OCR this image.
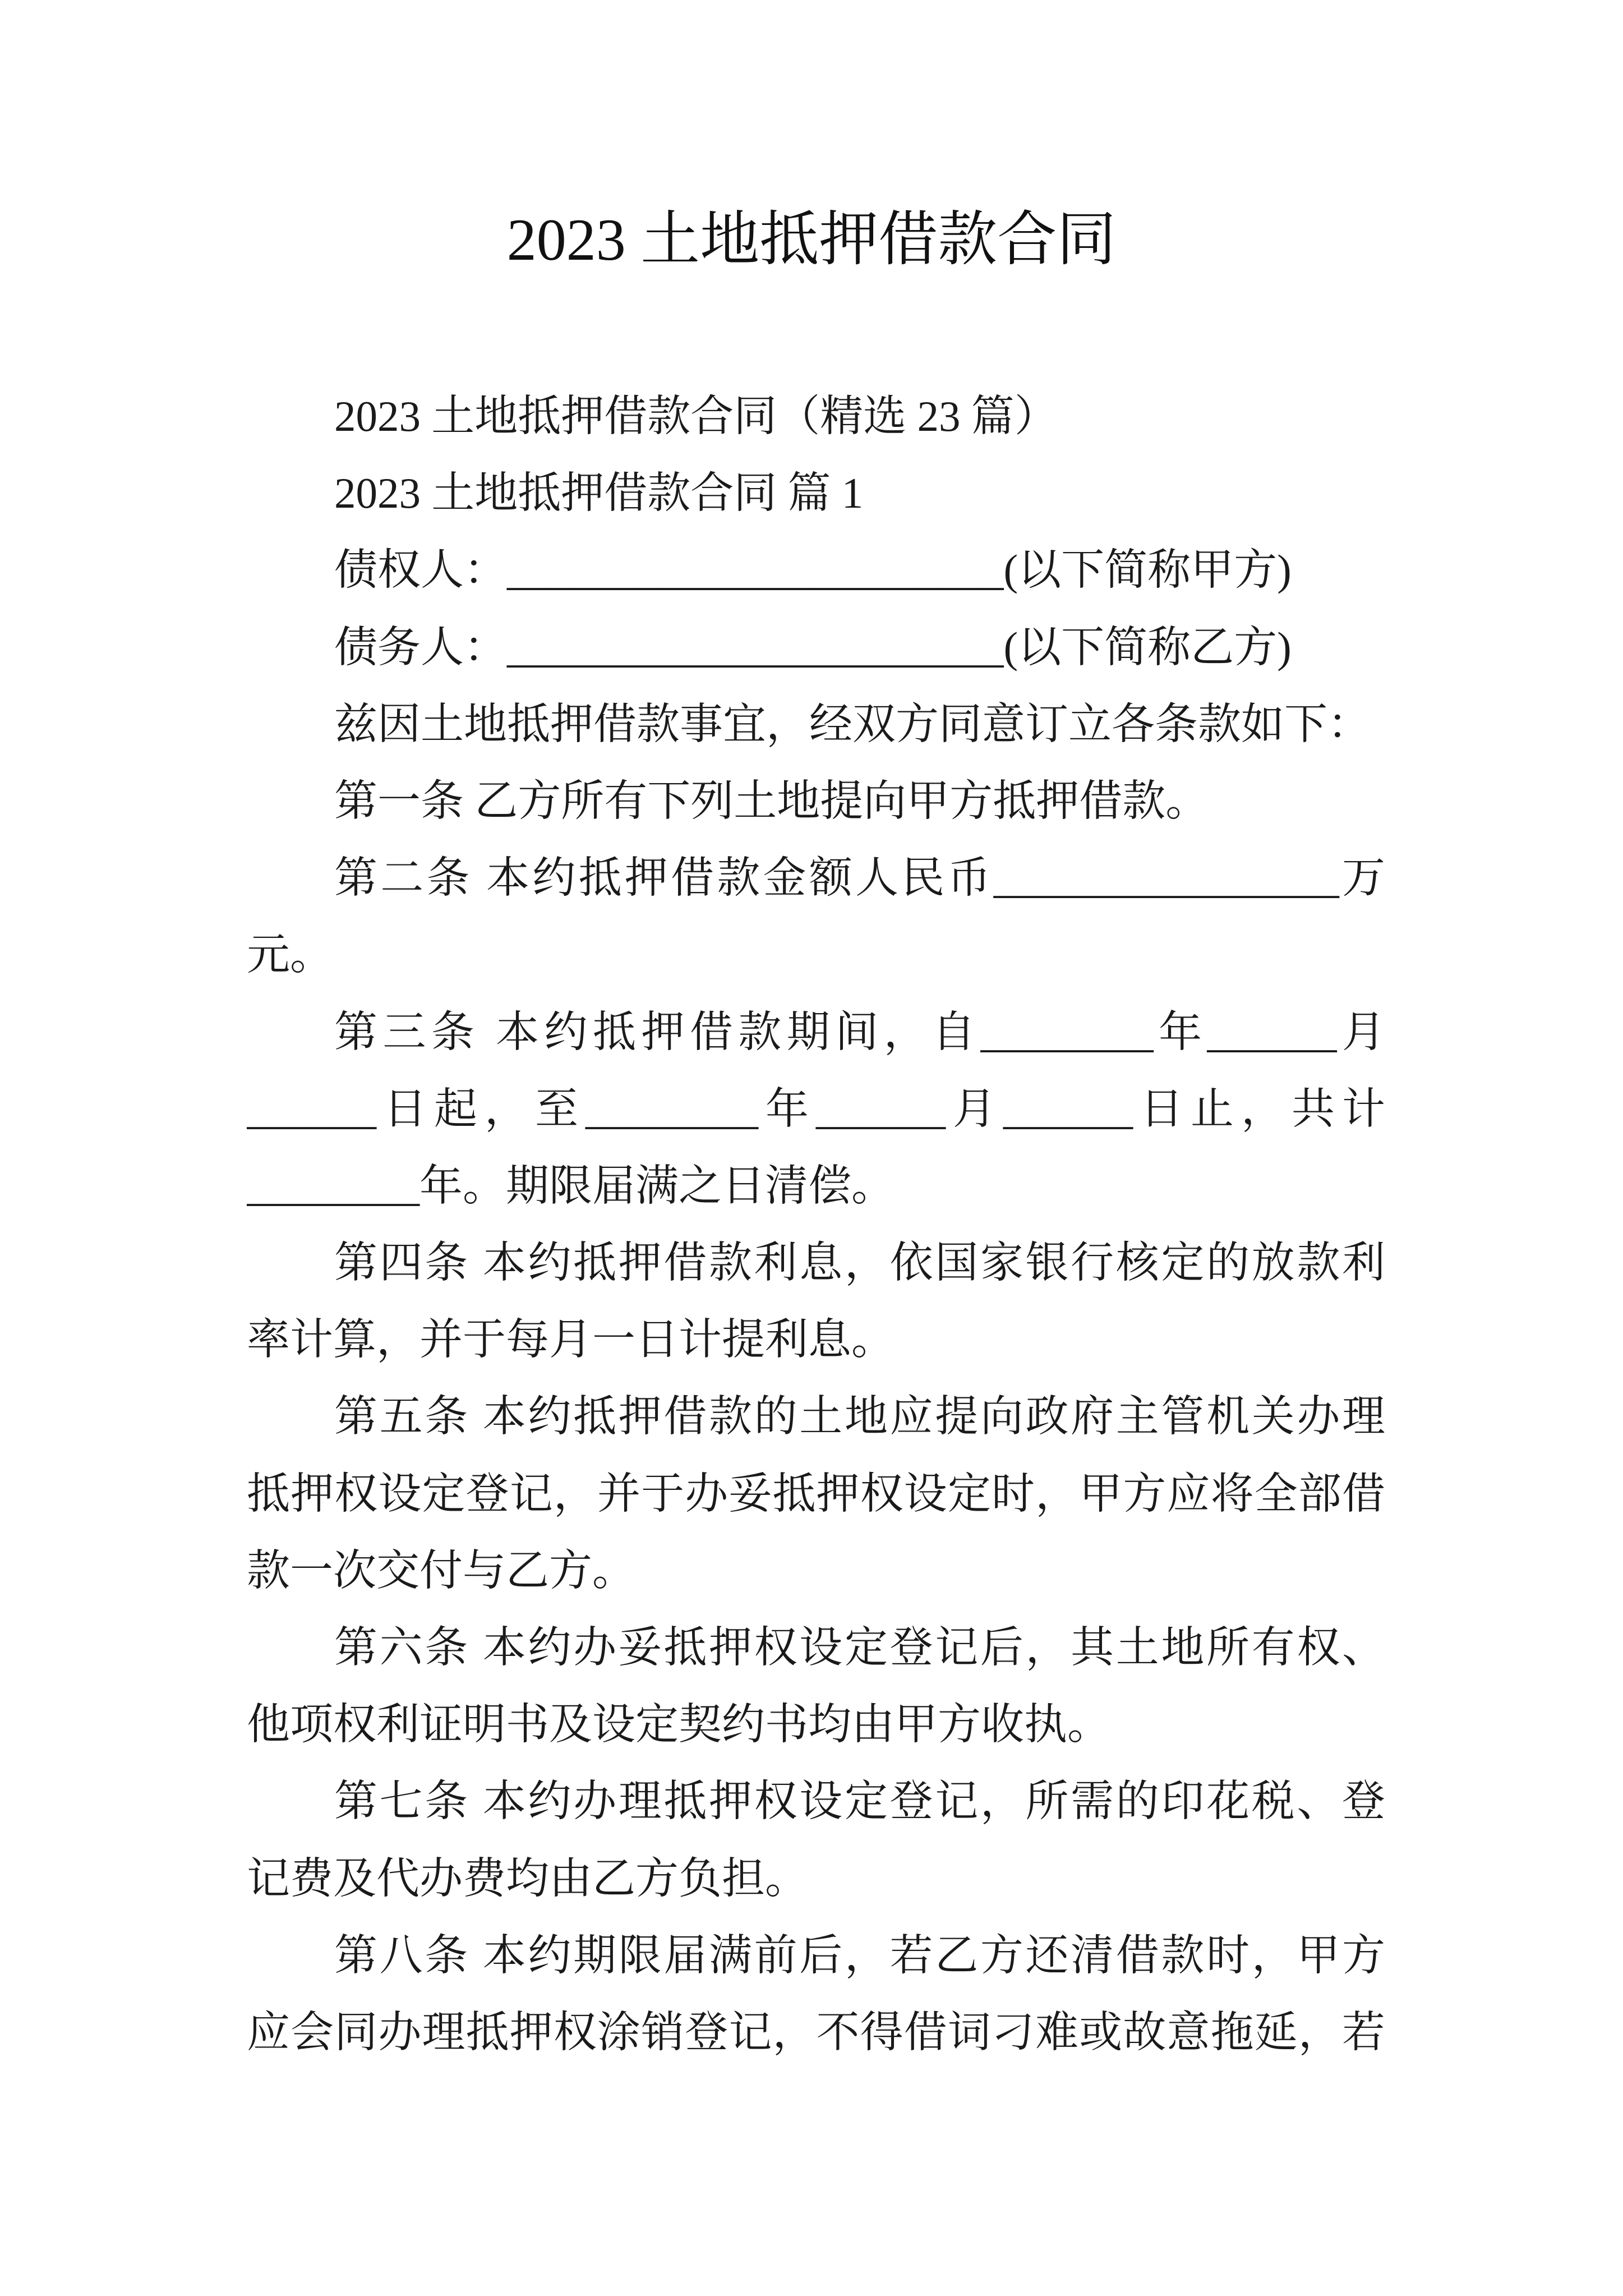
2023 土地抵押借款合同
2023 土地抵押借款合同（精选 23 篇）
2023 土地抵押借款合同 篇 1
债权人：_______________________(以下简称甲方)
债务人：_______________________(以下简称乙方)
兹因土地抵押借款事宜，经双方同意订立各条款如下：
第一条 乙方所有下列土地提向甲方抵押借款。
第二条 本约抵押借款金额人民币________________万
元。
第三条 本约抵押借款期间，自________年______月
______日起，至________年______月______日止，共计
________年。期限届满之日清偿。
第四条 本约抵押借款利息，依国家银行核定的放款利
率计算，并于每月一日计提利息。
第五条 本约抵押借款的土地应提向政府主管机关办理
抵押权设定登记，并于办妥抵押权设定时，甲方应将全部借
款一次交付与乙方。
第六条 本约办妥抵押权设定登记后，其土地所有权、
他项权利证明书及设定契约书均由甲方收执。
第七条 本约办理抵押权设定登记，所需的印花税、登
记费及代办费均由乙方负担。
第八条 本约期限届满前后，若乙方还清借款时，甲方
应会同办理抵押权涂销登记，不得借词刁难或故意拖延，若
